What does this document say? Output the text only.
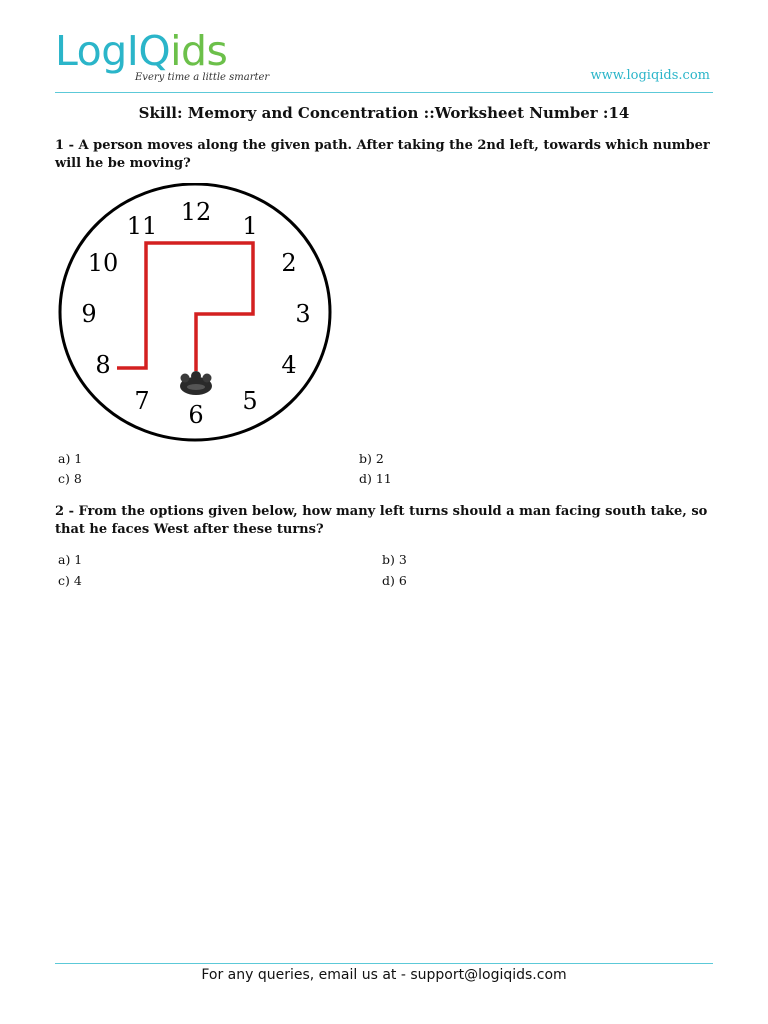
LogIQids
Every time a little smarter	www.logiqids.com
Skill: Memory and Concentration ::Worksheet Number :14
1 - A person moves along the given path. After taking the 2nd left, towards which number will he be moving?
12 1
2
3
4
5
6
7
8
9
10
11
a) 1	b) 2
c) 8	d) 11
2 - From the options given below, how many left turns should a man facing south take, so that he faces West after these turns?
a) 1	b) 3
c) 4	d) 6
For any queries, email us at - support@logiqids.com
